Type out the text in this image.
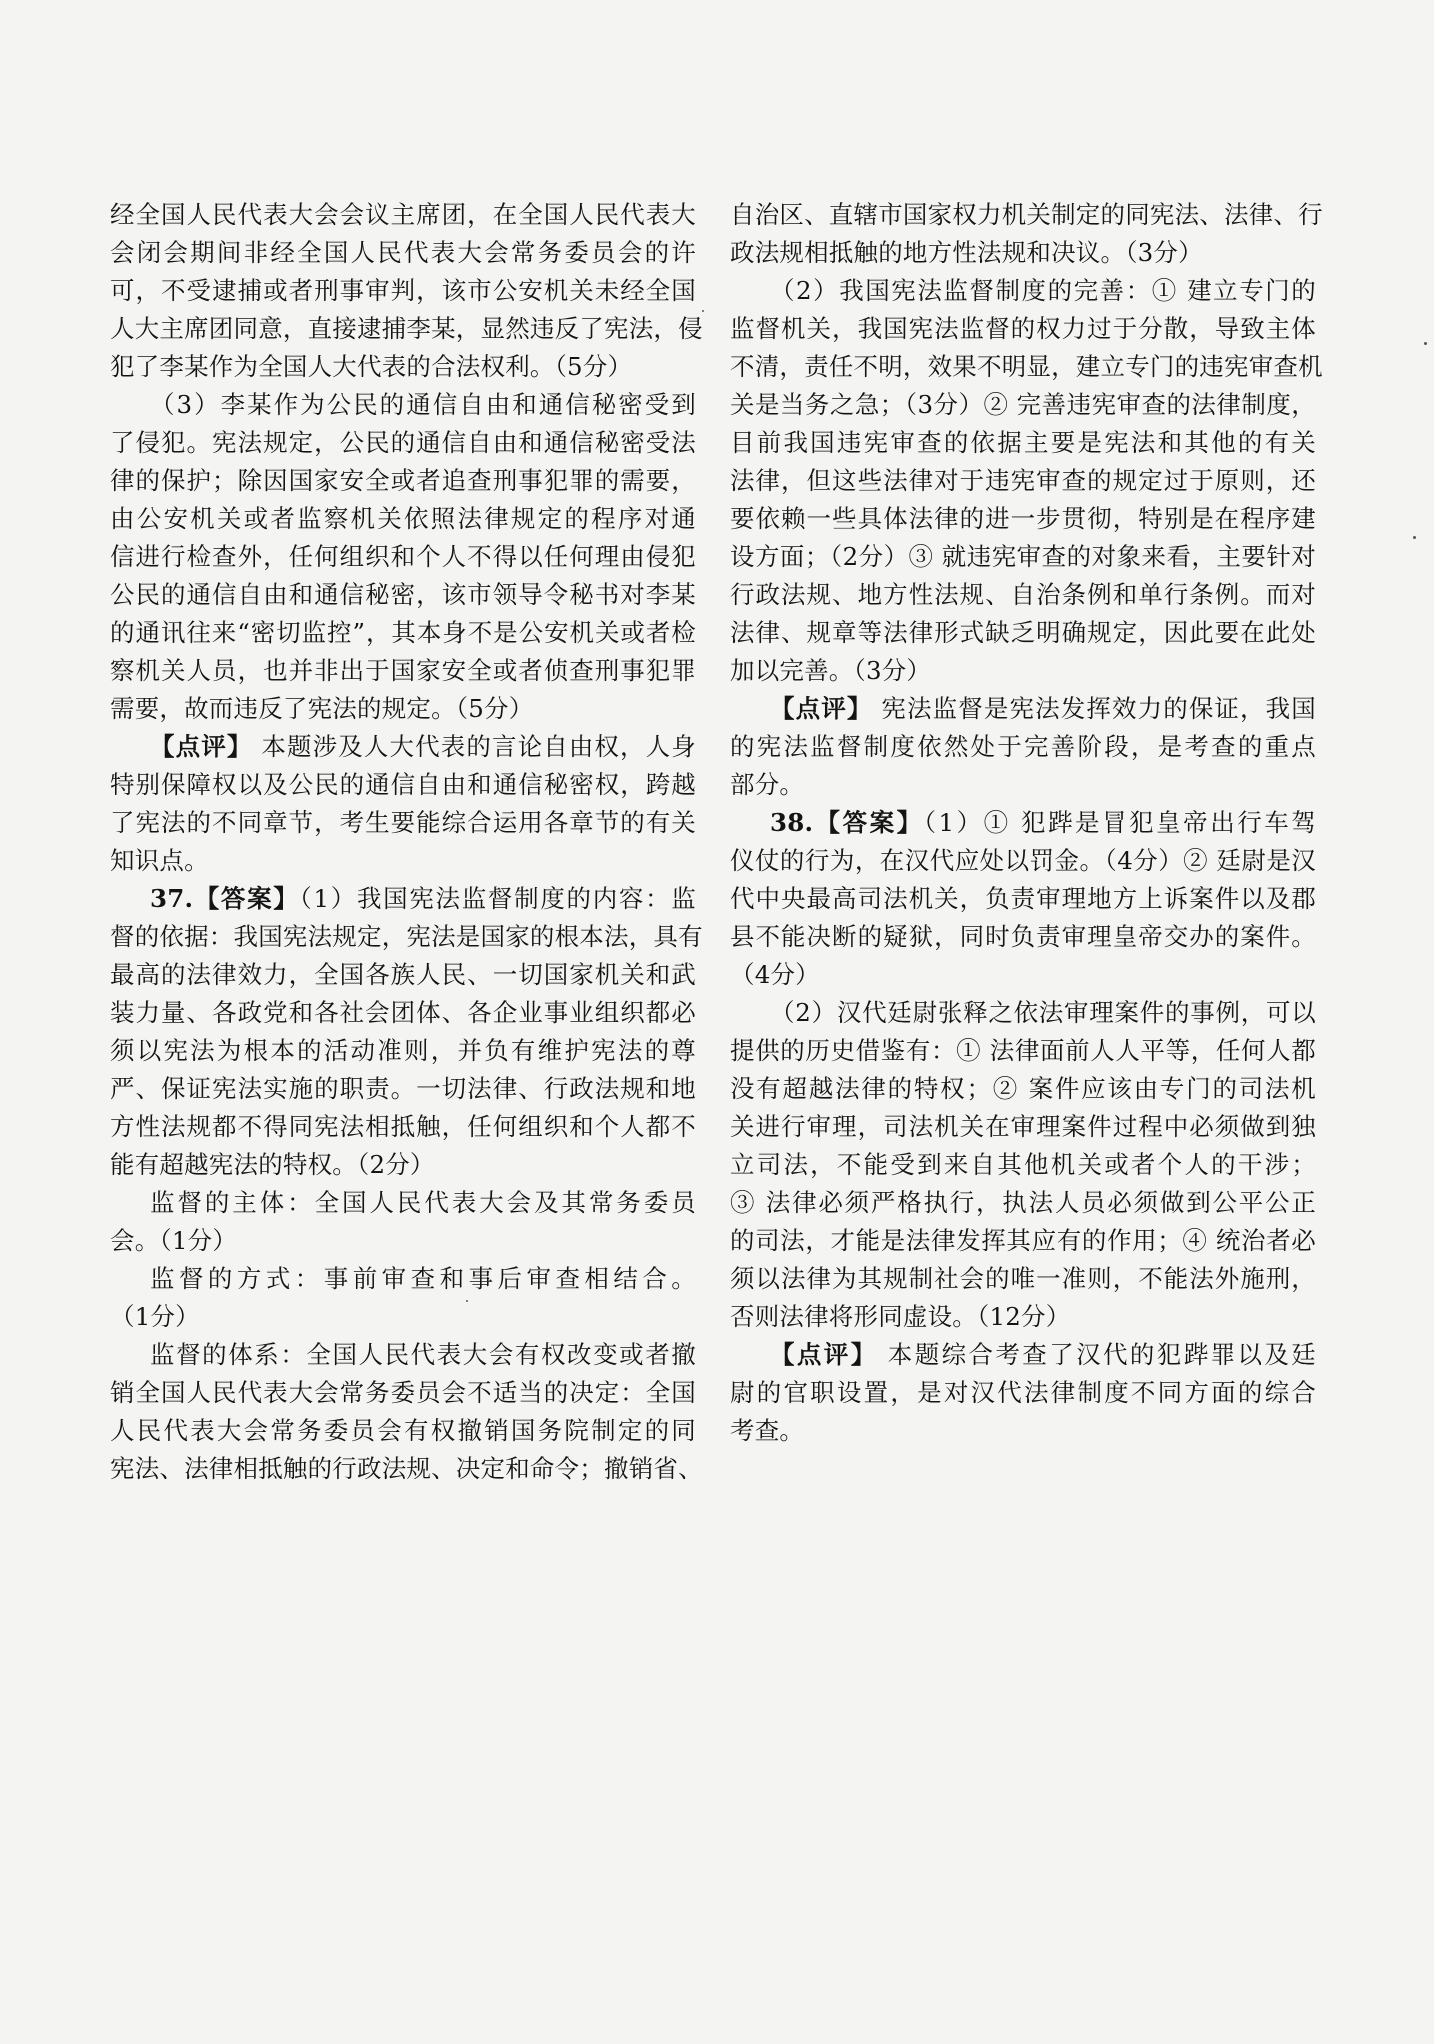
经全国人民代表大会会议主席团，在全国人民代表大
会闭会期间非经全国人民代表大会常务委员会的许
可，不受逮捕或者刑事审判，该市公安机关未经全国
人大主席团同意，直接逮捕李某，显然违反了宪法，侵
犯了李某作为全国人大代表的合法权利。（5分）
（3）李某作为公民的通信自由和通信秘密受到
了侵犯。宪法规定，公民的通信自由和通信秘密受法
律的保护；除因国家安全或者追查刑事犯罪的需要，
由公安机关或者监察机关依照法律规定的程序对通
信进行检查外，任何组织和个人不得以任何理由侵犯
公民的通信自由和通信秘密，该市领导令秘书对李某
的通讯往来“密切监控”，其本身不是公安机关或者检
察机关人员，也并非出于国家安全或者侦查刑事犯罪
需要，故而违反了宪法的规定。（5分）
【点评】 本题涉及人大代表的言论自由权，人身
特别保障权以及公民的通信自由和通信秘密权，跨越
了宪法的不同章节，考生要能综合运用各章节的有关
知识点。
37.【答案】（1）我国宪法监督制度的内容：监
督的依据：我国宪法规定，宪法是国家的根本法，具有
最高的法律效力，全国各族人民、一切国家机关和武
装力量、各政党和各社会团体、各企业事业组织都必
须以宪法为根本的活动准则，并负有维护宪法的尊
严、保证宪法实施的职责。一切法律、行政法规和地
方性法规都不得同宪法相抵触，任何组织和个人都不
能有超越宪法的特权。（2分）
监督的主体：全国人民代表大会及其常务委员
会。（1分）
监督的方式：事前审查和事后审查相结合。
（1分）
监督的体系：全国人民代表大会有权改变或者撤
销全国人民代表大会常务委员会不适当的决定：全国
人民代表大会常务委员会有权撤销国务院制定的同
宪法、法律相抵触的行政法规、决定和命令；撤销省、
自治区、直辖市国家权力机关制定的同宪法、法律、行
政法规相抵触的地方性法规和决议。（3分）
（2）我国宪法监督制度的完善：① 建立专门的
监督机关，我国宪法监督的权力过于分散，导致主体
不清，责任不明，效果不明显，建立专门的违宪审查机
关是当务之急；（3分）② 完善违宪审查的法律制度，
目前我国违宪审查的依据主要是宪法和其他的有关
法律，但这些法律对于违宪审查的规定过于原则，还
要依赖一些具体法律的进一步贯彻，特别是在程序建
设方面；（2分）③ 就违宪审查的对象来看，主要针对
行政法规、地方性法规、自治条例和单行条例。而对
法律、规章等法律形式缺乏明确规定，因此要在此处
加以完善。（3分）
【点评】 宪法监督是宪法发挥效力的保证，我国
的宪法监督制度依然处于完善阶段，是考查的重点
部分。
38.【答案】（1）① 犯跸是冒犯皇帝出行车驾
仪仗的行为，在汉代应处以罚金。（4分）② 廷尉是汉
代中央最高司法机关，负责审理地方上诉案件以及郡
县不能决断的疑狱，同时负责审理皇帝交办的案件。
（4分）
（2）汉代廷尉张释之依法审理案件的事例，可以
提供的历史借鉴有：① 法律面前人人平等，任何人都
没有超越法律的特权；② 案件应该由专门的司法机
关进行审理，司法机关在审理案件过程中必须做到独
立司法，不能受到来自其他机关或者个人的干涉；
③ 法律必须严格执行，执法人员必须做到公平公正
的司法，才能是法律发挥其应有的作用；④ 统治者必
须以法律为其规制社会的唯一准则，不能法外施刑，
否则法律将形同虚设。（12分）
【点评】 本题综合考查了汉代的犯跸罪以及廷
尉的官职设置，是对汉代法律制度不同方面的综合
考查。
